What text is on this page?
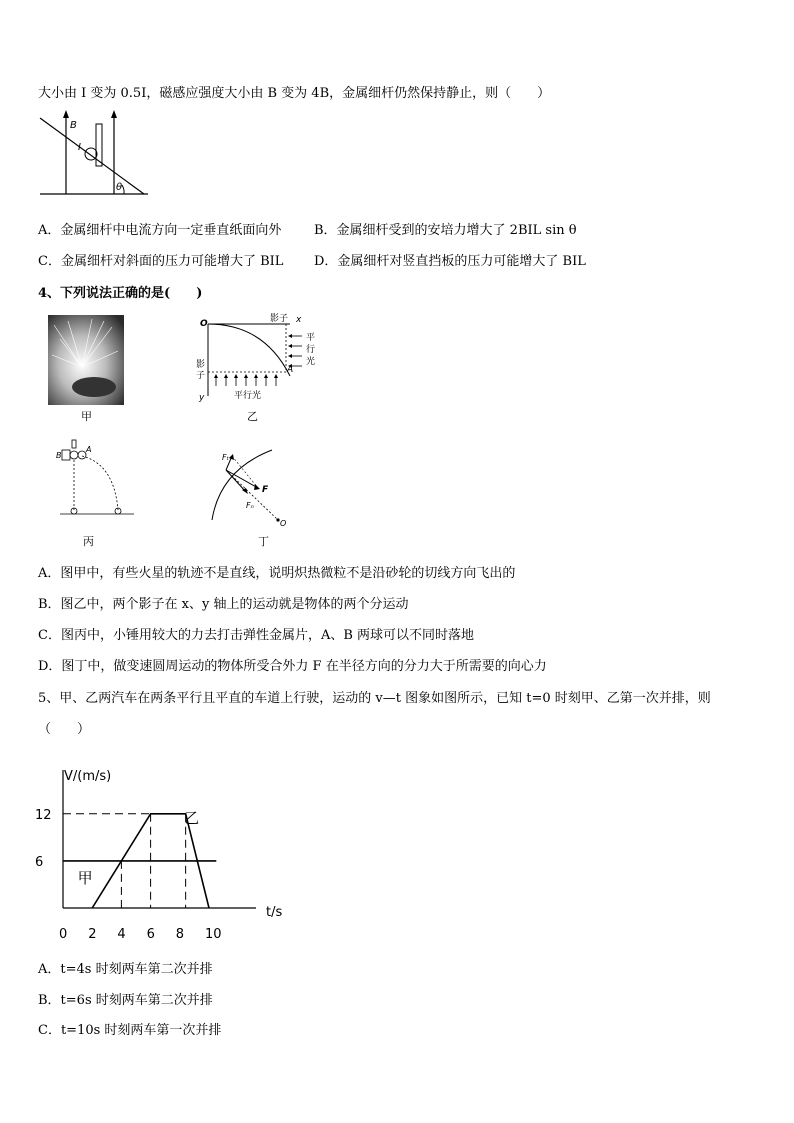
大小由 I 变为 0.5I，磁感应强度大小由 B 变为 4B，金属细杆仍然保持静止，则（　　）
B
I
θ
A．金属细杆中电流方向一定垂直纸面向外	B．金属细杆受到的安培力增大了 2BIL sin θ
C．金属细杆对斜面的压力可能增大了 BIL D．金属细杆对竖直挡板的压力可能增大了 BIL
4、下列说法正确的是(　　)
甲
O	影子 x
平
行
光
影
子
A
y	平行光
乙
B
A
丙
Fₜ
F
Fₙ
O
丁
A．图甲中，有些火星的轨迹不是直线，说明炽热微粒不是沿砂轮的切线方向飞出的
B．图乙中，两个影子在 x、y 轴上的运动就是物体的两个分运动
C．图丙中，小锤用较大的力去打击弹性金属片，A、B 两球可以不同时落地
D．图丁中，做变速圆周运动的物体所受合外力 F 在半径方向的分力大于所需要的向心力
5、甲、乙两汽车在两条平行且平直的车道上行驶，运动的 v—t 图象如图所示，已知 t=0 时刻甲、乙第一次并排，则
（　　）
V/(m/s)
t/s
0 2 4 6 8 10
6
12
甲
乙
A．t=4s 时刻两车第二次并排
B．t=6s 时刻两车第二次并排
C．t=10s 时刻两车第一次并排
